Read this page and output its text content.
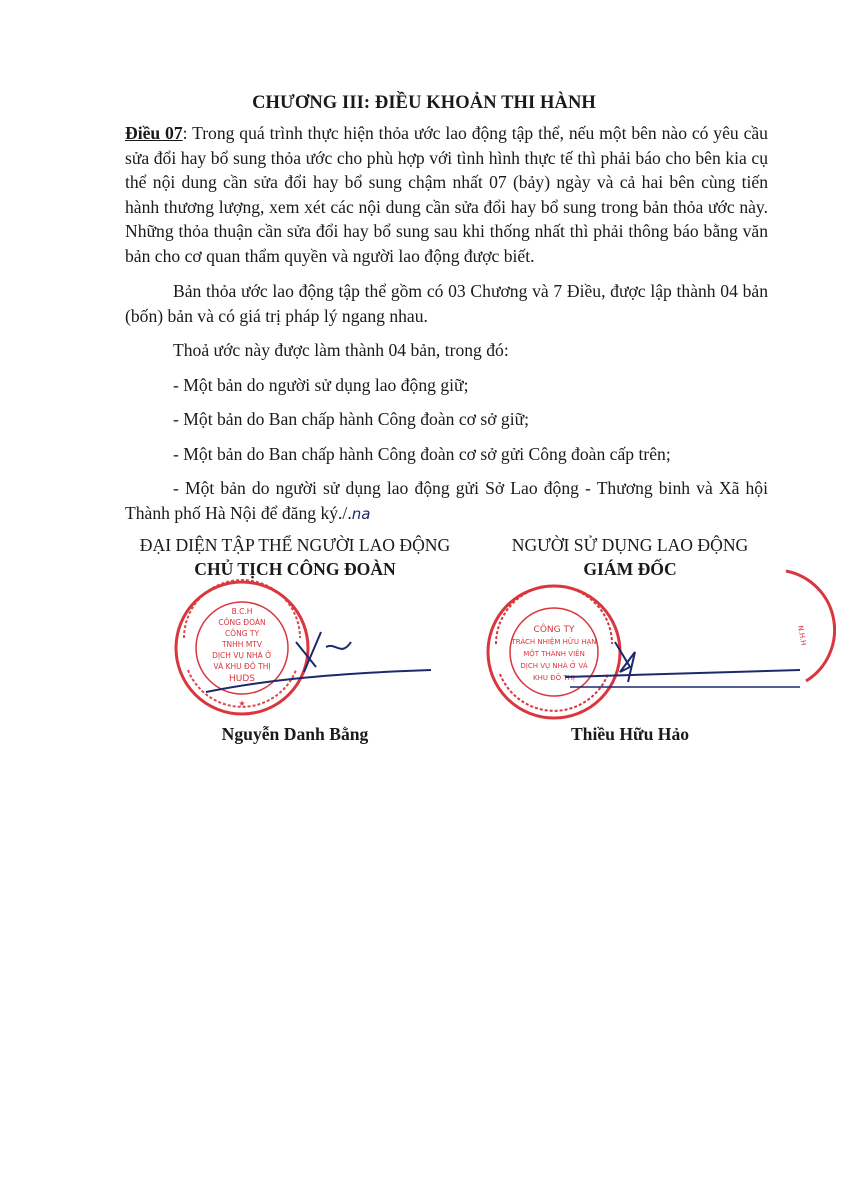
CHƯƠNG III: ĐIỀU KHOẢN THI HÀNH

Điều 07: Trong quá trình thực hiện thỏa ước lao động tập thể, nếu một bên nào có yêu cầu sửa đổi hay bổ sung thỏa ước cho phù hợp với tình hình thực tế thì phải báo cho bên kia cụ thể nội dung cần sửa đổi hay bổ sung chậm nhất 07 (bảy) ngày và cả hai bên cùng tiến hành thương lượng, xem xét các nội dung cần sửa đổi hay bổ sung trong bản thỏa ước này. Những thỏa thuận cần sửa đổi hay bổ sung sau khi thống nhất thì phải thông báo bằng văn bản cho cơ quan thẩm quyền và người lao động được biết.

Bản thỏa ước lao động tập thể gồm có 03 Chương và 7 Điều, được lập thành 04 bản (bốn) bản và có giá trị pháp lý ngang nhau.

Thoả ước này được làm thành 04 bản, trong đó:

- Một bản do người sử dụng lao động giữ;

- Một bản do Ban chấp hành Công đoàn cơ sở giữ;

- Một bản do Ban chấp hành Công đoàn cơ sở gửi Công đoàn cấp trên;

- Một bản do người sử dụng lao động gửi Sở Lao động - Thương binh và Xã hội Thành phố Hà Nội để đăng ký./.na

ĐẠI DIỆN TẬP THỂ NGƯỜI LAO ĐỘNG
CHỦ TỊCH CÔNG ĐOÀN
NGƯỜI SỬ DỤNG LAO ĐỘNG
GIÁM ĐỐC
B.C.H
CÔNG ĐOÀN
CÔNG TY
TNHH MTV
DỊCH VỤ NHÀ Ở
VÀ KHU ĐÔ THỊ
HUDS
★
CÔNG TY
TRÁCH NHIỆM HỮU HẠN
MỘT THÀNH VIÊN
DỊCH VỤ NHÀ Ở VÀ
KHU ĐÔ THỊ
N.H.H
Nguyễn Danh Bằng	Thiều Hữu Hảo
